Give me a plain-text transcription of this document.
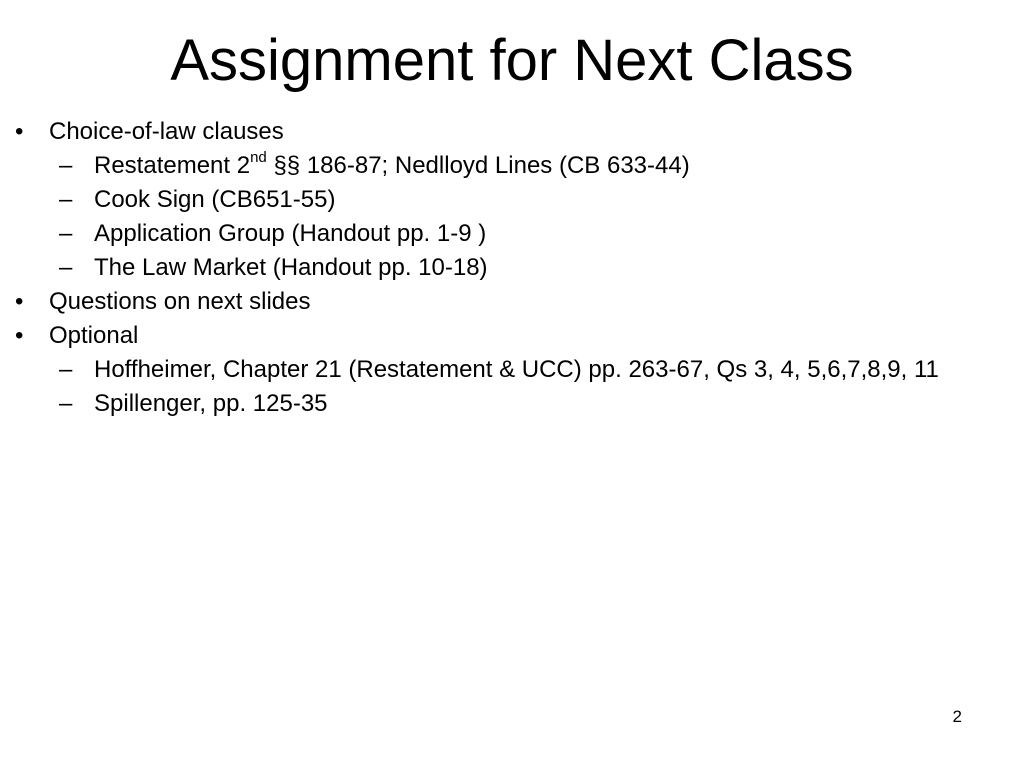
Assignment for Next Class
• Choice-of-law clauses
– Restatement 2nd §§ 186-87; Nedlloyd Lines (CB 633-44)
– Cook Sign (CB651-55)
– Application Group (Handout pp. 1-9 )
– The Law Market (Handout pp. 10-18)
• Questions on next slides
• Optional
– Hoffheimer, Chapter 21 (Restatement & UCC) pp. 263-67, Qs 3, 4, 5,6,7,8,9, 11
– Spillenger, pp. 125-35
2
